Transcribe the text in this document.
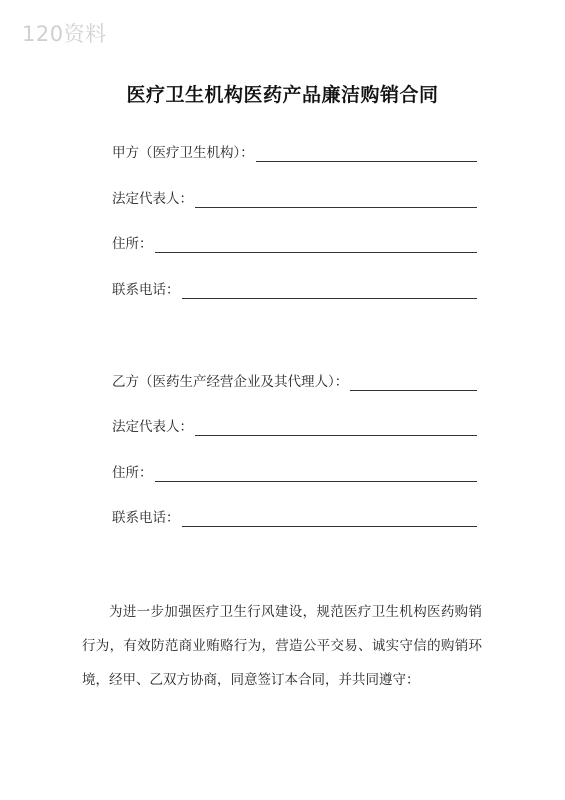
120资料
医疗卫生机构医药产品廉洁购销合同
甲方（医疗卫生机构）：
法定代表人：
住所：
联系电话：
乙方（医药生产经营企业及其代理人）：
法定代表人：
住所：
联系电话：
为进一步加强医疗卫生行风建设，规范医疗卫生机构医药购销行为，有效防范商业贿赂行为，营造公平交易、诚实守信的购销环境，经甲、乙双方协商，同意签订本合同，并共同遵守：
